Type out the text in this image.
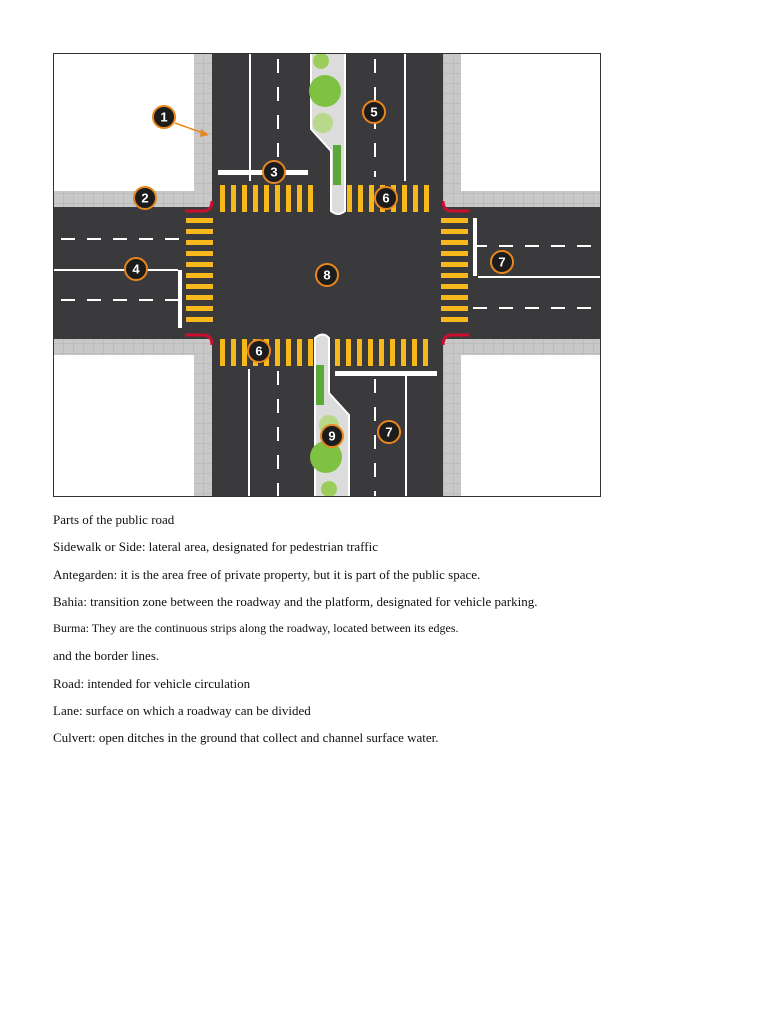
1
2
3
4
5
6
6
7
7
8
9

Parts of the public road

Sidewalk or Side: lateral area, designated for pedestrian traffic

Antegarden: it is the area free of private property, but it is part of the public space.

Bahia: transition zone between the roadway and the platform, designated for vehicle parking.

Burma: They are the continuous strips along the roadway, located between its edges.

and the border lines.

Road: intended for vehicle circulation

Lane: surface on which a roadway can be divided

Culvert: open ditches in the ground that collect and channel surface water.
